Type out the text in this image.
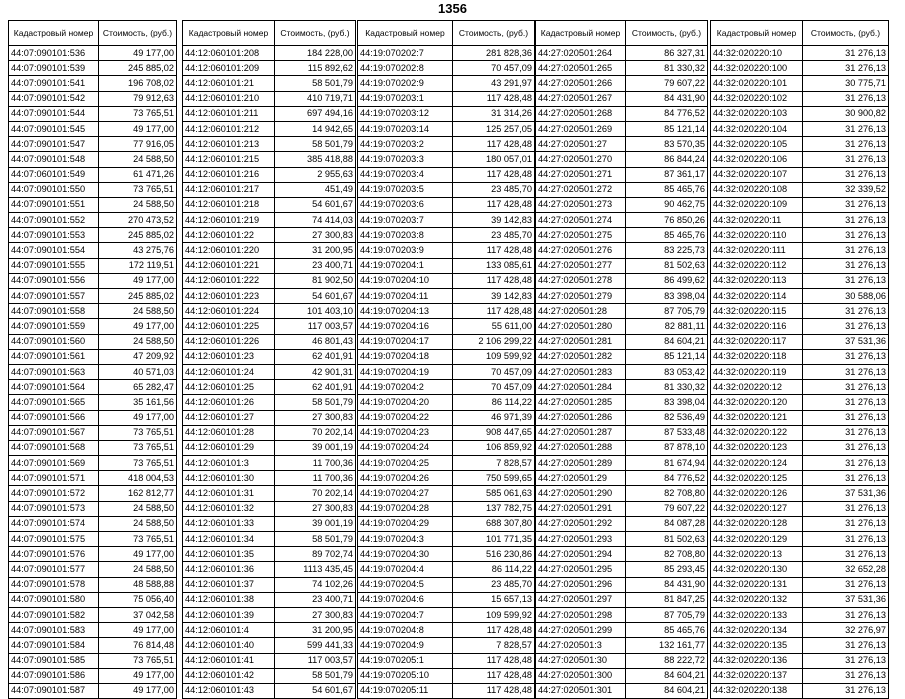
1356
Кадастровый номер	Стоимость, (руб.)
44:07:090101:536	49 177,00
44:07:090101:539	245 885,02
44:07:090101:541	196 708,02
44:07:090101:542	79 912,63
44:07:090101:544	73 765,51
44:07:090101:545	49 177,00
44:07:090101:547	77 916,05
44:07:090101:548	24 588,50
44:07:060101:549	61 471,26
44:07:090101:550	73 765,51
44:07:090101:551	24 588,50
44:07:090101:552	270 473,52
44:07:090101:553	245 885,02
44:07:090101:554	43 275,76
44:07:090101:555	172 119,51
44:07:090101:556	49 177,00
44:07:090101:557	245 885,02
44:07:090101:558	24 588,50
44:07:090101:559	49 177,00
44:07:090101:560	24 588,50
44:07:090101:561	47 209,92
44:07:090101:563	40 571,03
44:07:090101:564	65 282,47
44:07:090101:565	35 161,56
44:07:090101:566	49 177,00
44:07:090101:567	73 765,51
44:07:090101:568	73 765,51
44:07:090101:569	73 765,51
44:07:090101:571	418 004,53
44:07:090101:572	162 812,77
44:07:090101:573	24 588,50
44:07:090101:574	24 588,50
44:07:090101:575	73 765,51
44:07:090101:576	49 177,00
44:07:090101:577	24 588,50
44:07:090101:578	48 588,88
44:07:090101:580	75 056,40
44:07:090101:582	37 042,58
44:07:090101:583	49 177,00
44:07:090101:584	76 814,48
44:07:090101:585	73 765,51
44:07:090101:586	49 177,00
44:07:090101:587	49 177,00
Кадастровый номер	Стоимость, (руб.)
44:12:060101:208	184 228,00
44:12:060101:209	115 892,62
44:12:060101:21	58 501,79
44:12:060101:210	410 719,71
44:12:060101:211	697 494,16
44:12:060101:212	14 942,65
44:12:060101:213	58 501,79
44:12:060101:215	385 418,88
44:12:060101:216	2 955,63
44:12:060101:217	451,49
44:12:060101:218	54 601,67
44:12:060101:219	74 414,03
44:12:060101:22	27 300,83
44:12:060101:220	31 200,95
44:12:060101:221	23 400,71
44:12:060101:222	81 902,50
44:12:060101:223	54 601,67
44:12:060101:224	101 403,10
44:12:060101:225	117 003,57
44:12:060101:226	46 801,43
44:12:060101:23	62 401,91
44:12:060101:24	42 901,31
44:12:060101:25	62 401,91
44:12:060101:26	58 501,79
44:12:060101:27	27 300,83
44:12:060101:28	70 202,14
44:12:060101:29	39 001,19
44:12:060101:3	11 700,36
44:12:060101:30	11 700,36
44:12:060101:31	70 202,14
44:12:060101:32	27 300,83
44:12:060101:33	39 001,19
44:12:060101:34	58 501,79
44:12:060101:35	89 702,74
44:12:060101:36	1113 435,45
44:12:060101:37	74 102,26
44:12:060101:38	23 400,71
44:12:060101:39	27 300,83
44:12:060101:4	31 200,95
44:12:060101:40	599 441,33
44:12:060101:41	117 003,57
44:12:060101:42	58 501,79
44:12:060101:43	54 601,67
Кадастровый номер	Стоимость, (руб.)
44:19:070202:7	281 828,36
44:19:070202:8	70 457,09
44:19:070202:9	43 291,97
44:19:070203:1	117 428,48
44:19:070203:12	31 314,26
44:19:070203:14	125 257,05
44:19:070203:2	117 428,48
44:19:070203:3	180 057,01
44:19:070203:4	117 428,48
44:19:070203:5	23 485,70
44:19:070203:6	117 428,48
44:19:070203:7	39 142,83
44:19:070203:8	23 485,70
44:19:070203:9	117 428,48
44:19:070204:1	133 085,61
44:19:070204:10	117 428,48
44:19:070204:11	39 142,83
44:19:070204:13	117 428,48
44:19:070204:16	55 611,00
44:19:070204:17	2 106 299,22
44:19:070204:18	109 599,92
44:19:070204:19	70 457,09
44:19:070204:2	70 457,09
44:19:070204:20	86 114,22
44:19:070204:22	46 971,39
44:19:070204:23	908 447,65
44:19:070204:24	106 859,92
44:19:070204:25	7 828,57
44:19:070204:26	750 599,65
44:19:070204:27	585 061,63
44:19:070204:28	137 782,75
44:19:070204:29	688 307,80
44:19:070204:3	101 771,35
44:19:070204:30	516 230,86
44:19:070204:4	86 114,22
44:19:070204:5	23 485,70
44:19:070204:6	15 657,13
44:19:070204:7	109 599,92
44:19:070204:8	117 428,48
44:19:070204:9	7 828,57
44:19:070205:1	117 428,48
44:19:070205:10	117 428,48
44:19:070205:11	117 428,48
Кадастровый номер	Стоимость, (руб.)
44:27:020501:264	86 327,31
44:27:020501:265	81 330,32
44:27:020501:266	79 607,22
44:27:020501:267	84 431,90
44:27:020501:268	84 776,52
44:27:020501:269	85 121,14
44:27:020501:27	83 570,35
44:27:020501:270	86 844,24
44:27:020501:271	87 361,17
44:27:020501:272	85 465,76
44:27:020501:273	90 462,75
44:27:020501:274	76 850,26
44:27:020501:275	85 465,76
44:27:020501:276	83 225,73
44:27:020501:277	81 502,63
44:27:020501:278	86 499,62
44:27:020501:279	83 398,04
44:27:020501:28	87 705,79
44:27:020501:280	82 881,11
44:27:020501:281	84 604,21
44:27:020501:282	85 121,14
44:27:020501:283	83 053,42
44:27:020501:284	81 330,32
44:27:020501:285	83 398,04
44:27:020501:286	82 536,49
44:27:020501:287	87 533,48
44:27:020501:288	87 878,10
44:27:020501:289	81 674,94
44:27:020501:29	84 776,52
44:27:020501:290	82 708,80
44:27:020501:291	79 607,22
44:27:020501:292	84 087,28
44:27:020501:293	81 502,63
44:27:020501:294	82 708,80
44:27:020501:295	85 293,45
44:27:020501:296	84 431,90
44:27:020501:297	81 847,25
44:27:020501:298	87 705,79
44:27:020501:299	85 465,76
44:27:020501:3	132 161,77
44:27:020501:30	88 222,72
44:27:020501:300	84 604,21
44:27:020501:301	84 604,21
Кадастровый номер	Стоимость, (руб.)
44:32:020220:10	31 276,13
44:32:020220:100	31 276,13
44:32:020220:101	30 775,71
44:32:020220:102	31 276,13
44:32:020220:103	30 900,82
44:32:020220:104	31 276,13
44:32:020220:105	31 276,13
44:32:020220:106	31 276,13
44:32:020220:107	31 276,13
44:32:020220:108	32 339,52
44:32:020220:109	31 276,13
44:32:020220:11	31 276,13
44:32:020220:110	31 276,13
44:32:020220:111	31 276,13
44:32:020220:112	31 276,13
44:32:020220:113	31 276,13
44:32:020220:114	30 588,06
44:32:020220:115	31 276,13
44:32:020220:116	31 276,13
44:32:020220:117	37 531,36
44:32:020220:118	31 276,13
44:32:020220:119	31 276,13
44:32:020220:12	31 276,13
44:32:020220:120	31 276,13
44:32:020220:121	31 276,13
44:32:020220:122	31 276,13
44:32:020220:123	31 276,13
44:32:020220:124	31 276,13
44:32:020220:125	31 276,13
44:32:020220:126	37 531,36
44:32:020220:127	31 276,13
44:32:020220:128	31 276,13
44:32:020220:129	31 276,13
44:32:020220:13	31 276,13
44:32:020220:130	32 652,28
44:32:020220:131	31 276,13
44:32:020220:132	37 531,36
44:32:020220:133	31 276,13
44:32:020220:134	32 276,97
44:32:020220:135	31 276,13
44:32:020220:136	31 276,13
44:32:020220:137	31 276,13
44:32:020220:138	31 276,13
